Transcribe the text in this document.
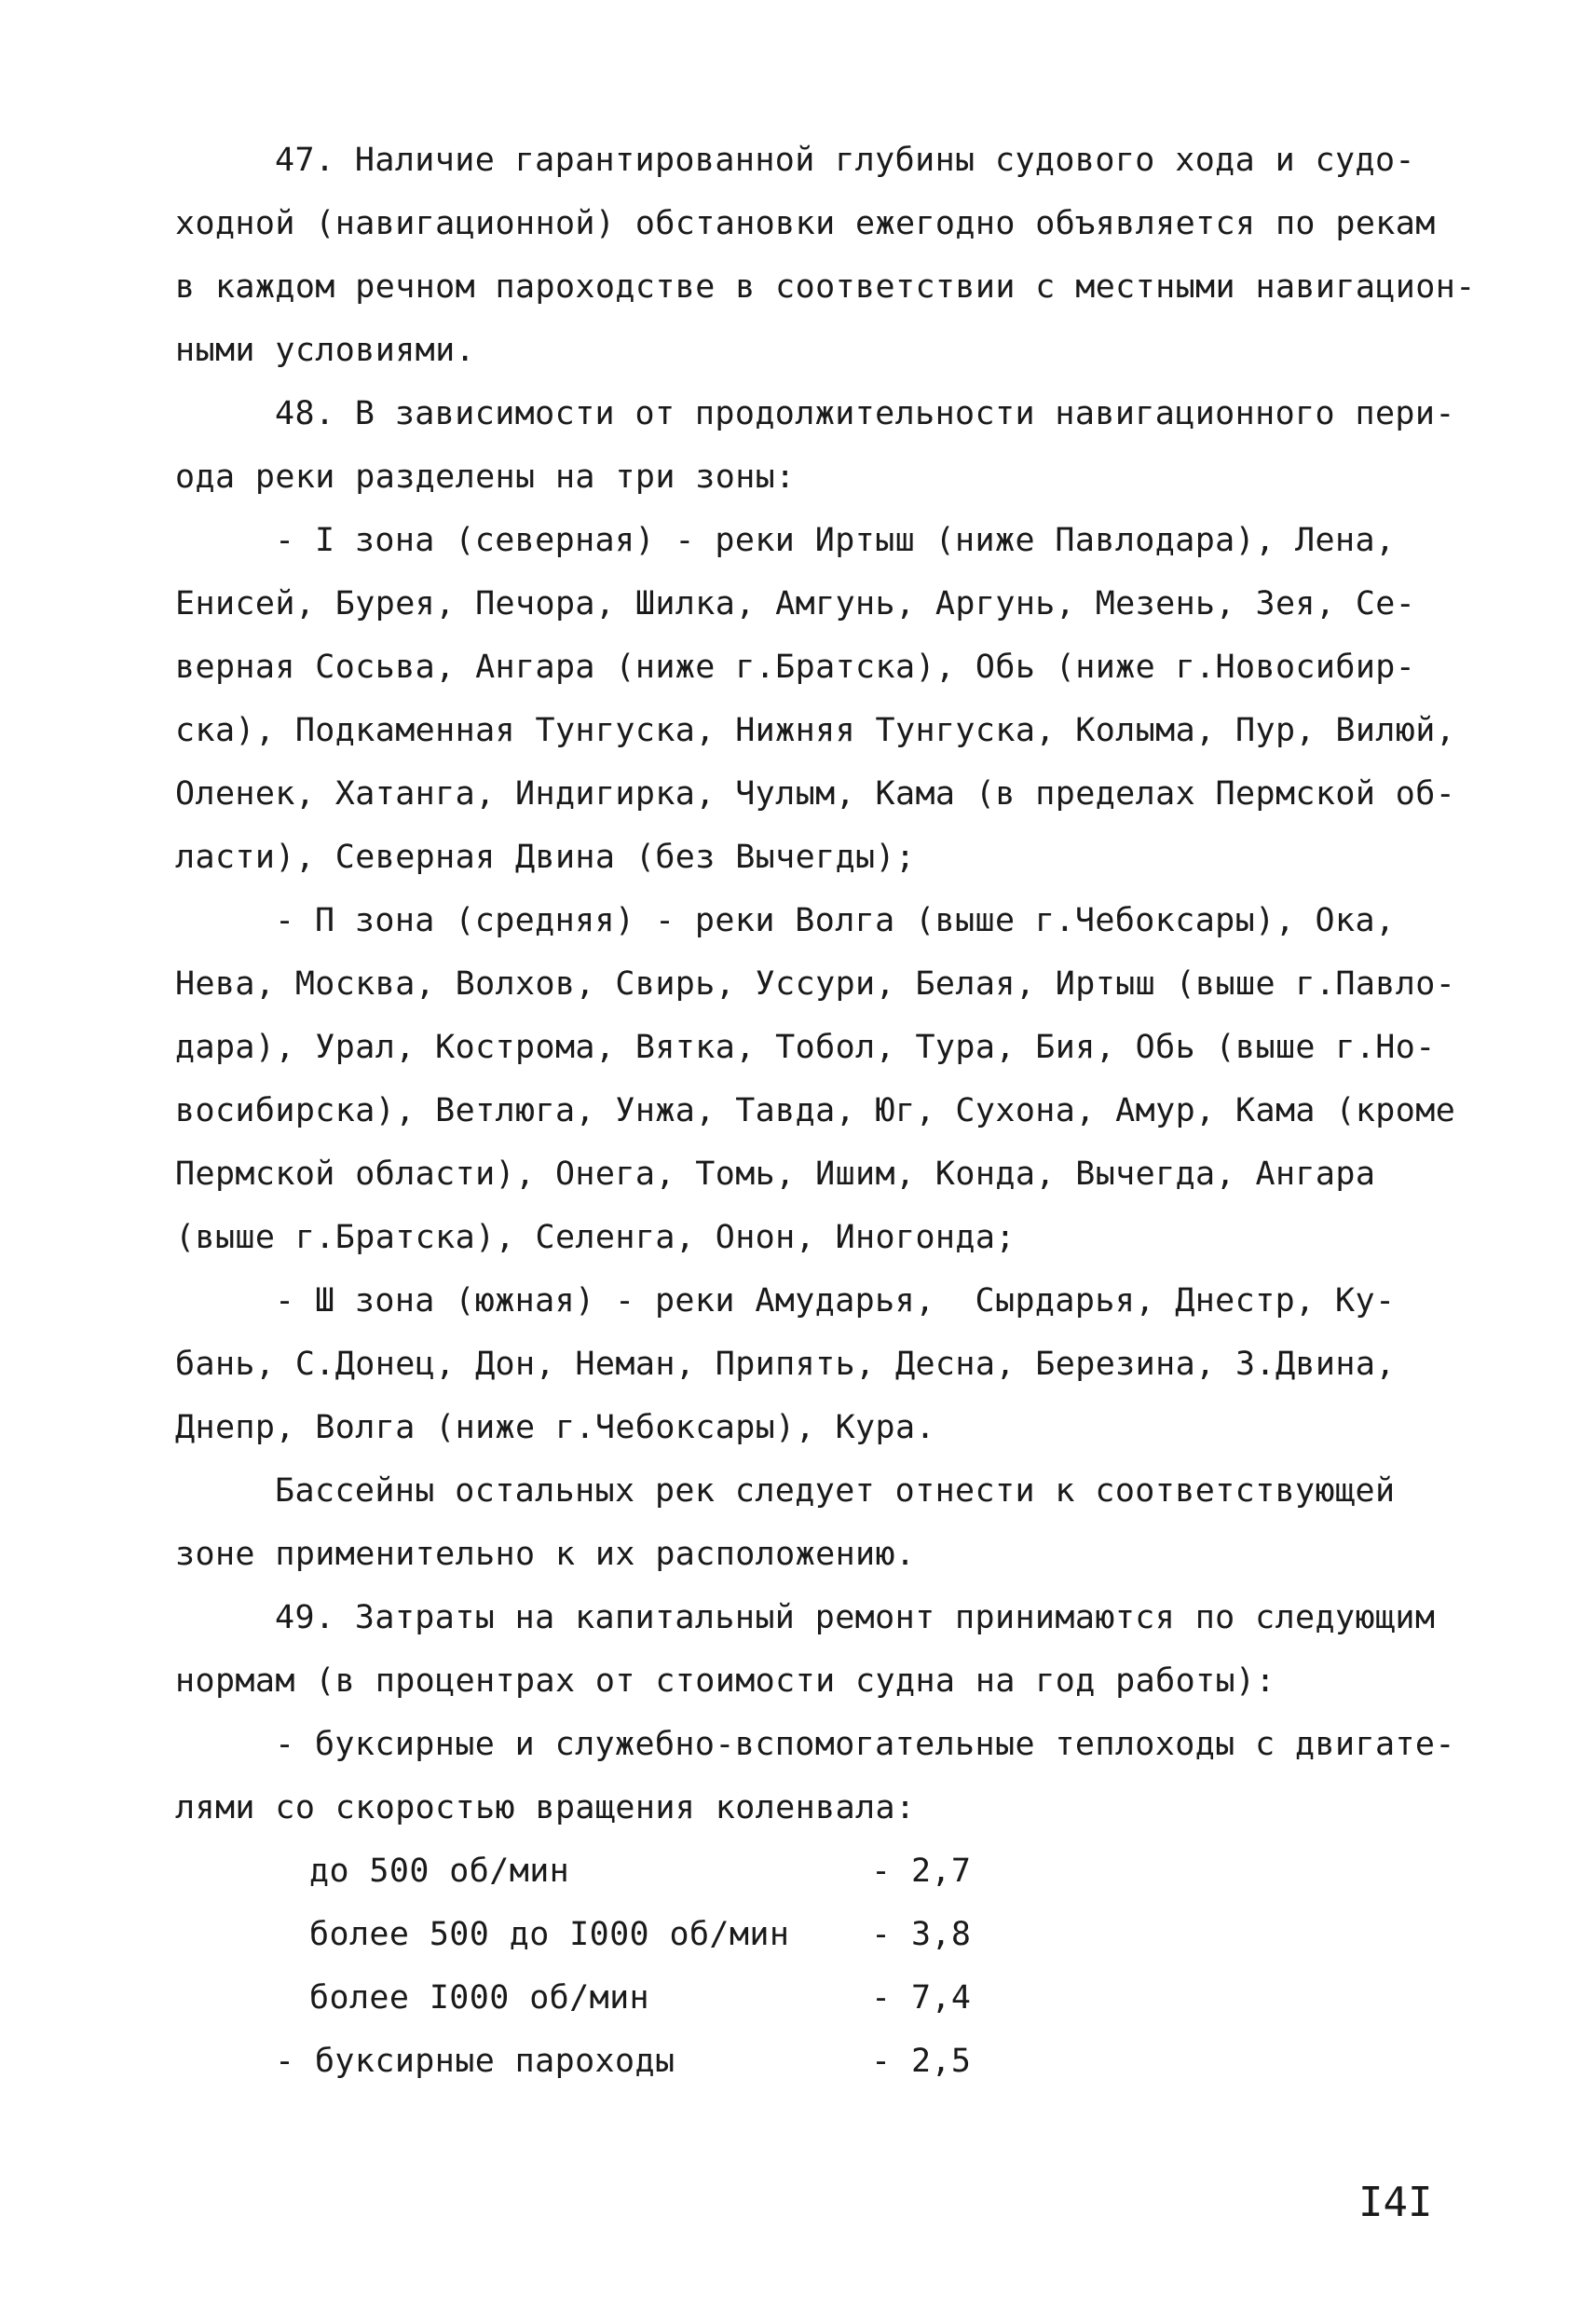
47. Наличие гарантированной глубины судового хода и судо-
ходной (навигационной) обстановки ежегодно объявляется по рекам
в каждом речном пароходстве в соответствии с местными навигацион-
ными условиями.
48. В зависимости от продолжительности навигационного пери-
ода реки разделены на три зоны:
- I зона (северная) - реки Иртыш (ниже Павлодара), Лена,
Енисей, Бурея, Печора, Шилка, Амгунь, Аргунь, Мезень, Зея, Се-
верная Сосьва, Ангара (ниже г.Братска), Обь (ниже г.Новосибир-
ска), Подкаменная Тунгуска, Нижняя Тунгуска, Колыма, Пур, Вилюй,
Оленек, Хатанга, Индигирка, Чулым, Кама (в пределах Пермской об-
ласти), Северная Двина (без Вычегды);
- П зона (средняя) - реки Волга (выше г.Чебоксары), Ока,
Нева, Москва, Волхов, Свирь, Уссури, Белая, Иртыш (выше г.Павло-
дара), Урал, Кострома, Вятка, Тобол, Тура, Бия, Обь (выше г.Но-
восибирска), Ветлюга, Унжа, Тавда, Юг, Сухона, Амур, Кама (кроме
Пермской области), Онега, Томь, Ишим, Конда, Вычегда, Ангара
(выше г.Братска), Селенга, Онон, Иногонда;
- Ш зона (южная) - реки Амударья,  Сырдарья, Днестр, Ку-
бань, С.Донец, Дон, Неман, Припять, Десна, Березина, З.Двина,
Днепр, Волга (ниже г.Чебоксары), Кура.
Бассейны остальных рек следует отнести к соответствующей
зоне применительно к их расположению.
49. Затраты на капитальный ремонт принимаются по следующим
нормам (в процентрах от стоимости судна на год работы):
- буксирные и служебно-вспомогательные теплоходы с двигате-
лями со скоростью вращения коленвала:
до 500 об/мин	- 2,7
более 500 до I000 об/мин	- 3,8
более I000 об/мин	- 7,4
- буксирные пароходы	- 2,5
I4I
